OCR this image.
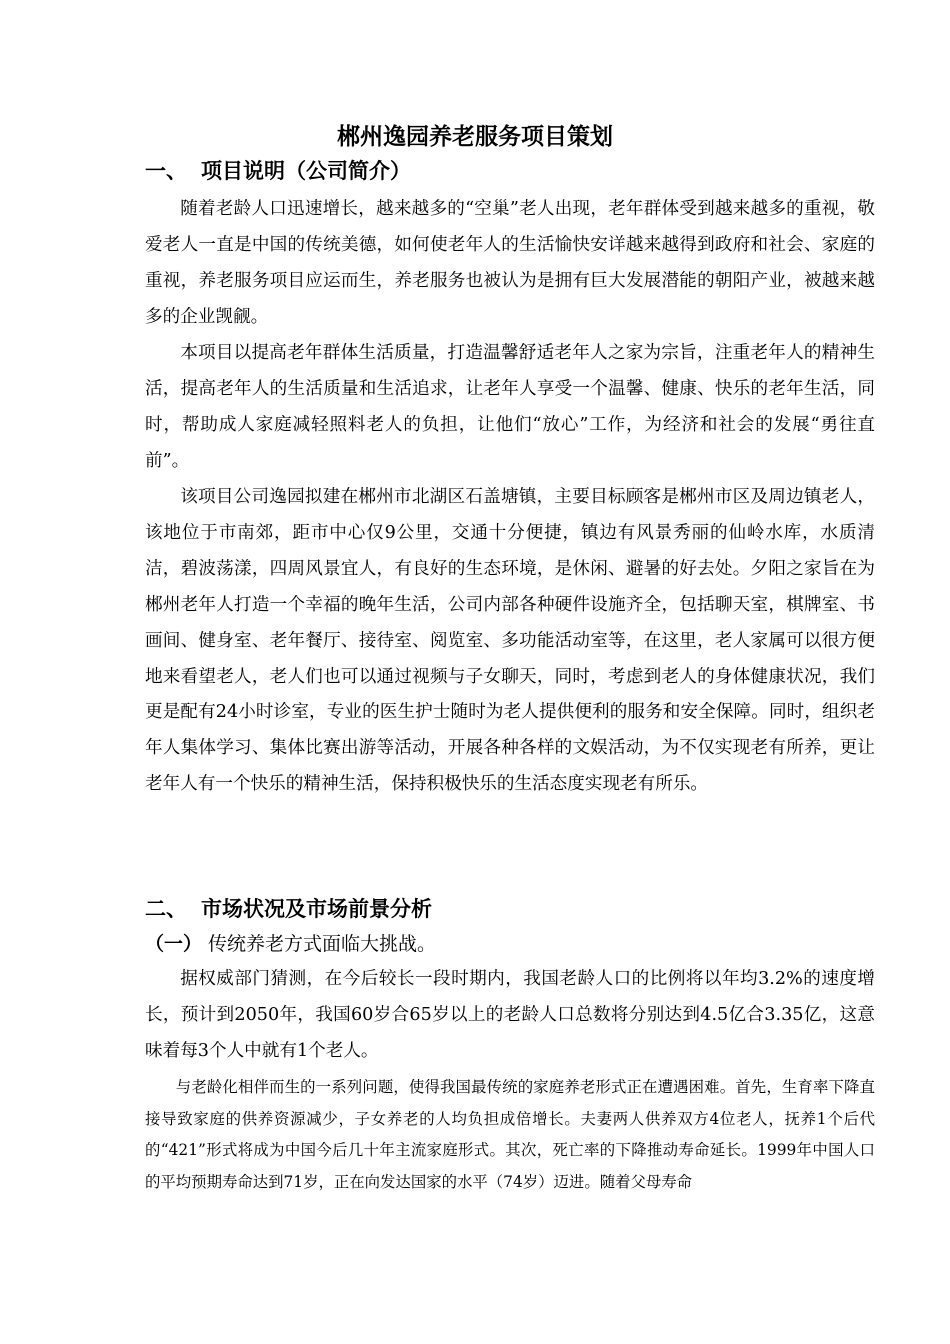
郴州逸园养老服务项目策划
一、 项目说明（公司简介）

随着老龄人口迅速增长，越来越多的“空巢”老人出现，老年群体受到越来越多的重视，敬爱老人一直是中国的传统美德，如何使老年人的生活愉快安详越来越得到政府和社会、家庭的重视，养老服务项目应运而生，养老服务也被认为是拥有巨大发展潜能的朝阳产业，被越来越多的企业觊觎。

本项目以提高老年群体生活质量，打造温馨舒适老年人之家为宗旨，注重老年人的精神生活，提高老年人的生活质量和生活追求，让老年人享受一个温馨、健康、快乐的老年生活，同时，帮助成人家庭减轻照料老人的负担，让他们“放心”工作，为经济和社会的发展“勇往直前”。

该项目公司逸园拟建在郴州市北湖区石盖塘镇，主要目标顾客是郴州市区及周边镇老人，该地位于市南郊，距市中心仅9公里，交通十分便捷，镇边有风景秀丽的仙岭水库，水质清洁，碧波荡漾，四周风景宜人，有良好的生态环境，是休闲、避暑的好去处。夕阳之家旨在为郴州老年人打造一个幸福的晚年生活，公司内部各种硬件设施齐全，包括聊天室，棋牌室、书画间、健身室、老年餐厅、接待室、阅览室、多功能活动室等，在这里，老人家属可以很方便地来看望老人，老人们也可以通过视频与子女聊天，同时，考虑到老人的身体健康状况，我们更是配有24小时诊室，专业的医生护士随时为老人提供便利的服务和安全保障。同时，组织老年人集体学习、集体比赛出游等活动，开展各种各样的文娱活动，为不仅实现老有所养，更让老年人有一个快乐的精神生活，保持积极快乐的生活态度实现老有所乐。

二、 市场状况及市场前景分析
（一） 传统养老方式面临大挑战。

据权威部门猜测，在今后较长一段时期内，我国老龄人口的比例将以年均3.2%的速度增长，预计到2050年，我国60岁合65岁以上的老龄人口总数将分别达到4.5亿合3.35亿，这意味着每3个人中就有1个老人。

与老龄化相伴而生的一系列问题，使得我国最传统的家庭养老形式正在遭遇困难。首先，生育率下降直接导致家庭的供养资源减少，子女养老的人均负担成倍增长。夫妻两人供养双方4位老人，抚养1个后代的“421”形式将成为中国今后几十年主流家庭形式。其次，死亡率的下降推动寿命延长。1999年中国人口的平均预期寿命达到71岁，正在向发达国家的水平（74岁）迈进。随着父母寿命
